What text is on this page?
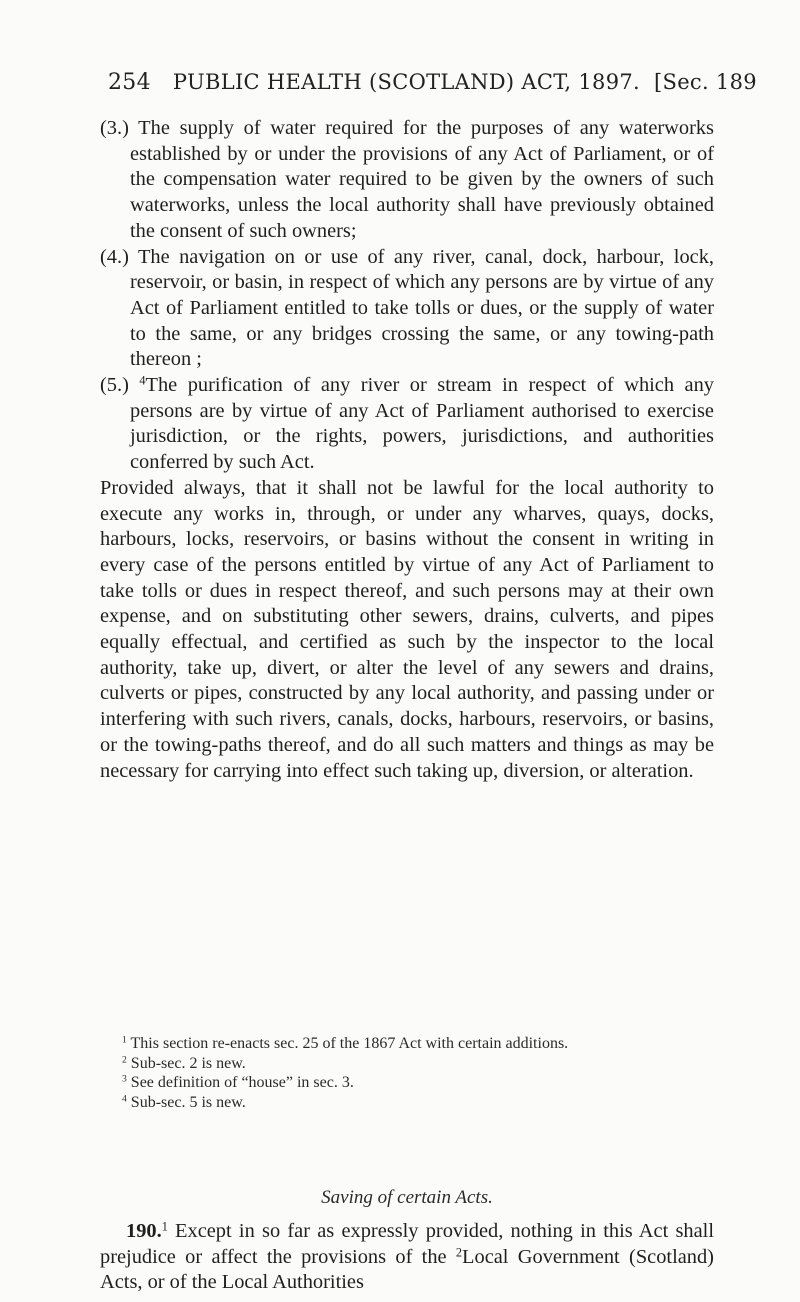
254 PUBLIC HEALTH (SCOTLAND) ACT, 1897. [Sec. 189

(3.) The supply of water required for the purposes of any waterworks established by or under the provisions of any Act of Parliament, or of the compensation water required to be given by the owners of such waterworks, unless the local authority shall have previously obtained the consent of such owners;

(4.) The navigation on or use of any river, canal, dock, harbour, lock, reservoir, or basin, in respect of which any persons are by virtue of any Act of Parliament entitled to take tolls or dues, or the supply of water to the same, or any bridges crossing the same, or any towing-path thereon ;

(5.) $^4$The purification of any river or stream in respect of which any persons are by virtue of any Act of Parliament authorised to exercise jurisdiction, or the rights, powers, jurisdictions, and authorities conferred by such Act.

Provided always, that it shall not be lawful for the local authority to execute any works in, through, or under any wharves, quays, docks, harbours, locks, reservoirs, or basins without the consent in writing in every case of the persons entitled by virtue of any Act of Parliament to take tolls or dues in respect thereof, and such persons may at their own expense, and on substituting other sewers, drains, culverts, and pipes equally effectual, and certified as such by the inspector to the local authority, take up, divert, or alter the level of any sewers and drains, culverts or pipes, constructed by any local authority, and passing under or interfering with such rivers, canals, docks, harbours, reservoirs, or basins, or the towing-paths thereof, and do all such matters and things as may be necessary for carrying into effect such taking up, diversion, or alteration.

$^1$ This section re-enacts sec. 25 of the 1867 Act with certain additions.

$^2$ Sub-sec. 2 is new.

$^3$ See definition of “house” in sec. 3.

$^4$ Sub-sec. 5 is new.

Saving of certain Acts.

190.$^1$ Except in so far as expressly provided, nothing in this Act shall prejudice or affect the provisions of the $^2$Local Government (Scotland) Acts, or of the Local Authorities
